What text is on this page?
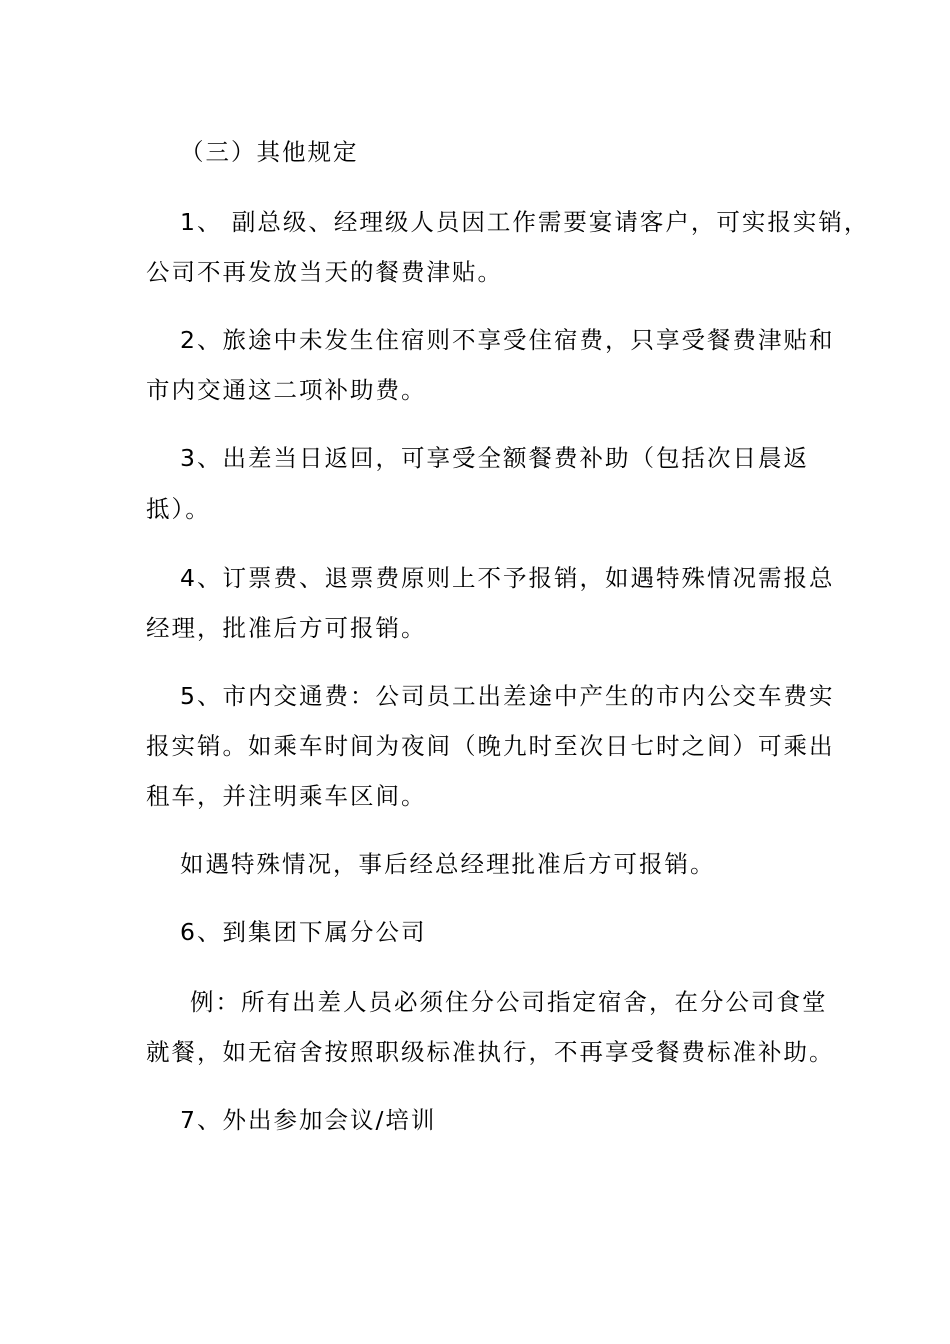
（三）其他规定
1、 副总级、经理级人员因工作需要宴请客户，可实报实销，
公司不再发放当天的餐费津贴。
2、旅途中未发生住宿则不享受住宿费，只享受餐费津贴和
市内交通这二项补助费。
3、出差当日返回，可享受全额餐费补助（包括次日晨返
抵）。
4、订票费、退票费原则上不予报销，如遇特殊情况需报总
经理，批准后方可报销。
5、市内交通费：公司员工出差途中产生的市内公交车费实
报实销。如乘车时间为夜间（晚九时至次日七时之间）可乘出
租车，并注明乘车区间。
如遇特殊情况，事后经总经理批准后方可报销。
6、到集团下属分公司
例：所有出差人员必须住分公司指定宿舍，在分公司食堂
就餐，如无宿舍按照职级标准执行，不再享受餐费标准补助。
7、外出参加会议/培训
